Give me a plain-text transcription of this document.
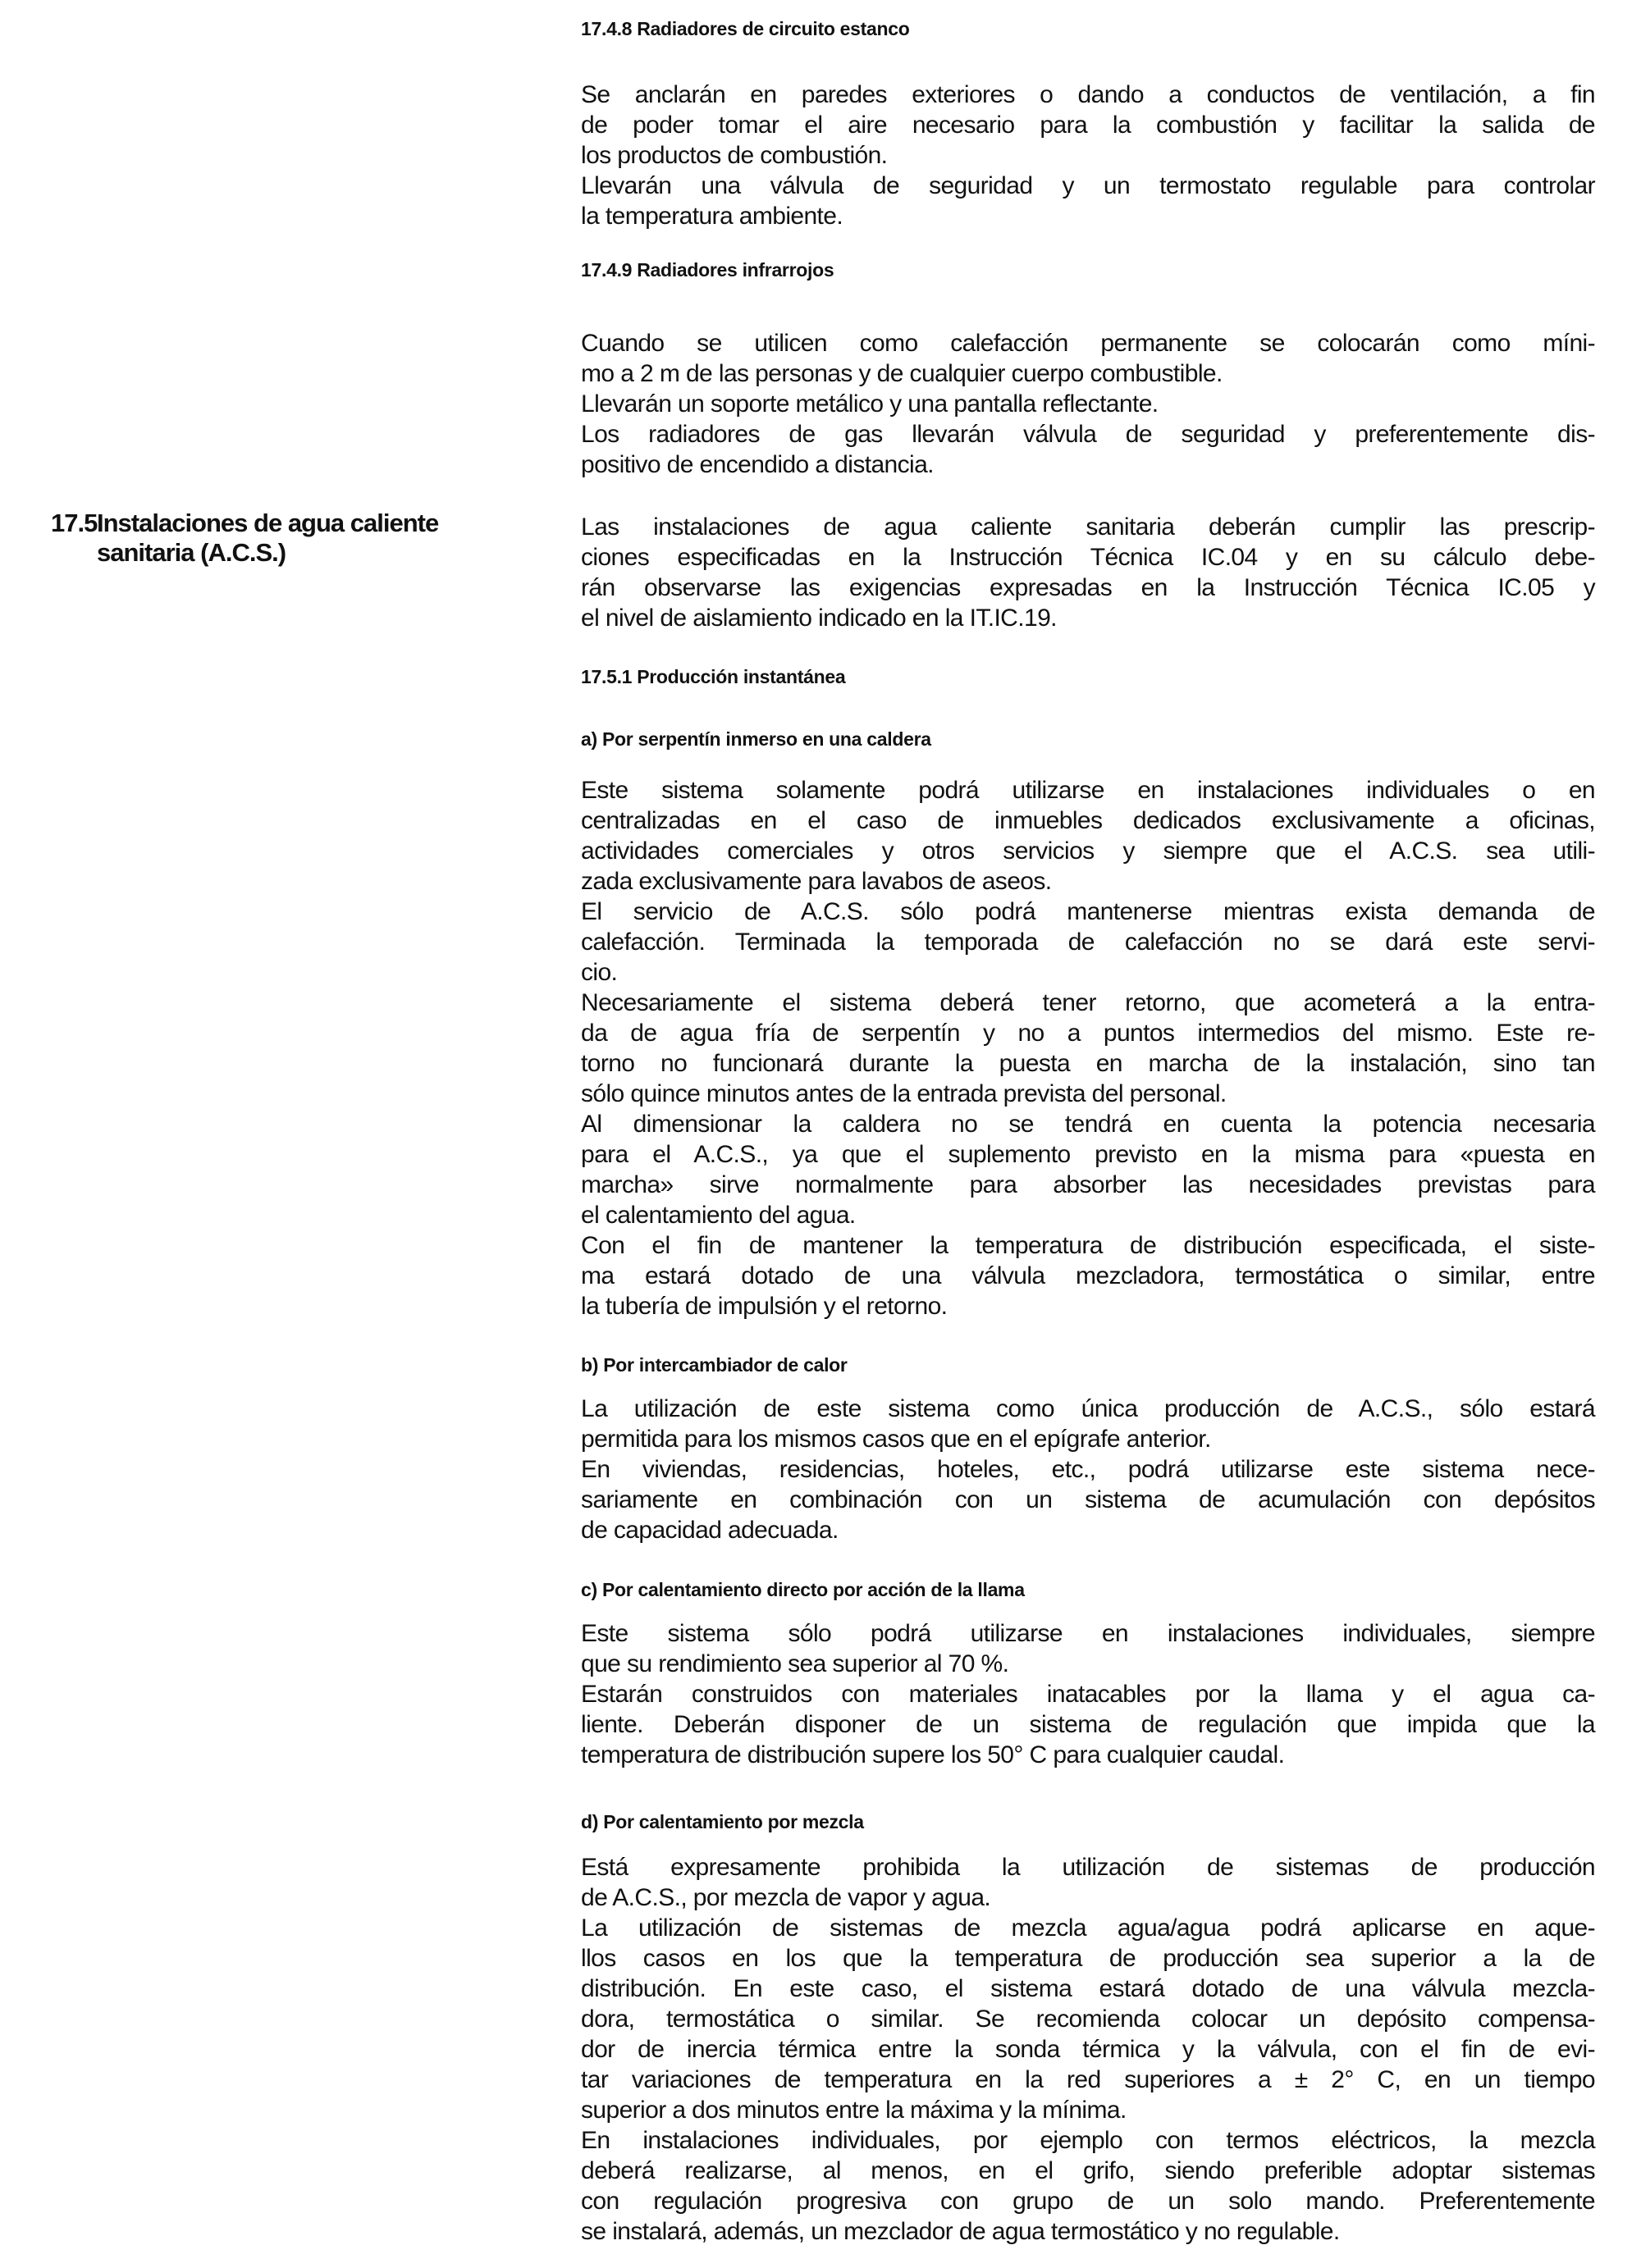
17.5Instalaciones de agua caliente
sanitaria (A.C.S.)
17.4.8 Radiadores de circuito estanco
Se anclarán en paredes exteriores o dando a conductos de ventilación, a fin
de poder tomar el aire necesario para la combustión y facilitar la salida de
los productos de combustión.
Llevarán una válvula de seguridad y un termostato regulable para controlar
la temperatura ambiente.
17.4.9 Radiadores infrarrojos
Cuando se utilicen como calefacción permanente se colocarán como míni-
mo a 2 m de las personas y de cualquier cuerpo combustible.
Llevarán un soporte metálico y una pantalla reflectante.
Los radiadores de gas llevarán válvula de seguridad y preferentemente dis-
positivo de encendido a distancia.
Las instalaciones de agua caliente sanitaria deberán cumplir las prescrip-
ciones especificadas en la Instrucción Técnica IC.04 y en su cálculo debe-
rán observarse las exigencias expresadas en la Instrucción Técnica IC.05 y
el nivel de aislamiento indicado en la IT.IC.19.
17.5.1 Producción instantánea
a) Por serpentín inmerso en una caldera
Este sistema solamente podrá utilizarse en instalaciones individuales o en
centralizadas en el caso de inmuebles dedicados exclusivamente a oficinas,
actividades comerciales y otros servicios y siempre que el A.C.S. sea utili-
zada exclusivamente para lavabos de aseos.
El servicio de A.C.S. sólo podrá mantenerse mientras exista demanda de
calefacción. Terminada la temporada de calefacción no se dará este servi-
cio.
Necesariamente el sistema deberá tener retorno, que acometerá a la entra-
da de agua fría de serpentín y no a puntos intermedios del mismo. Este re-
torno no funcionará durante la puesta en marcha de la instalación, sino tan
sólo quince minutos antes de la entrada prevista del personal.
Al dimensionar la caldera no se tendrá en cuenta la potencia necesaria
para el A.C.S., ya que el suplemento previsto en la misma para «puesta en
marcha» sirve normalmente para absorber las necesidades previstas para
el calentamiento del agua.
Con el fin de mantener la temperatura de distribución especificada, el siste-
ma estará dotado de una válvula mezcladora, termostática o similar, entre
la tubería de impulsión y el retorno.
b) Por intercambiador de calor
La utilización de este sistema como única producción de A.C.S., sólo estará
permitida para los mismos casos que en el epígrafe anterior.
En viviendas, residencias, hoteles, etc., podrá utilizarse este sistema nece-
sariamente en combinación con un sistema de acumulación con depósitos
de capacidad adecuada.
c) Por calentamiento directo por acción de la llama
Este sistema sólo podrá utilizarse en instalaciones individuales, siempre
que su rendimiento sea superior al 70 %.
Estarán construidos con materiales inatacables por la llama y el agua ca-
liente. Deberán disponer de un sistema de regulación que impida que la
temperatura de distribución supere los 50° C para cualquier caudal.
d) Por calentamiento por mezcla
Está expresamente prohibida la utilización de sistemas de producción
de A.C.S., por mezcla de vapor y agua.
La utilización de sistemas de mezcla agua/agua podrá aplicarse en aque-
llos casos en los que la temperatura de producción sea superior a la de
distribución. En este caso, el sistema estará dotado de una válvula mezcla-
dora, termostática o similar. Se recomienda colocar un depósito compensa-
dor de inercia térmica entre la sonda térmica y la válvula, con el fin de evi-
tar variaciones de temperatura en la red superiores a ± 2° C, en un tiempo
superior a dos minutos entre la máxima y la mínima.
En instalaciones individuales, por ejemplo con termos eléctricos, la mezcla
deberá realizarse, al menos, en el grifo, siendo preferible adoptar sistemas
con regulación progresiva con grupo de un solo mando. Preferentemente
se instalará, además, un mezclador de agua termostático y no regulable.
